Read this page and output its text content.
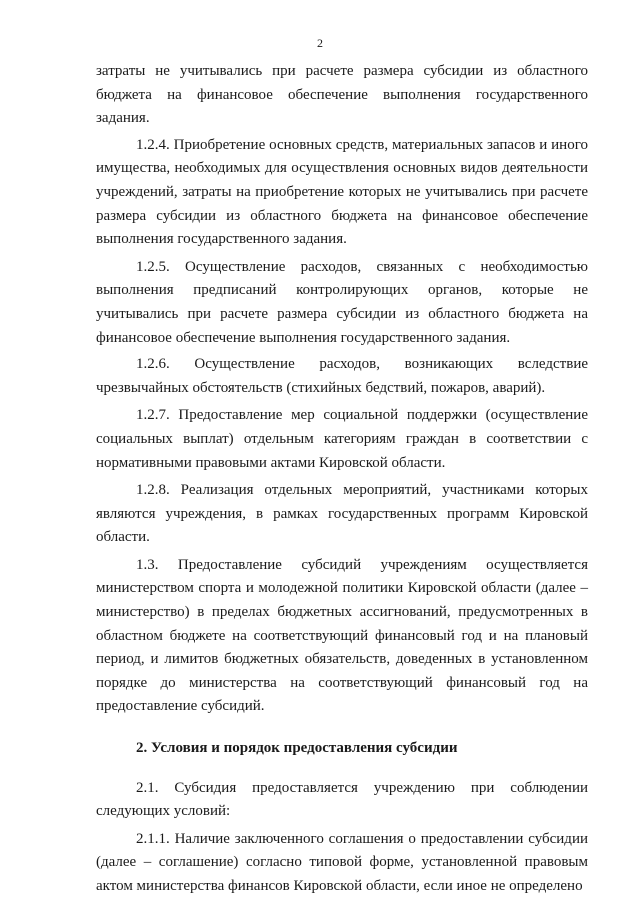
2

затраты не учитывались при расчете размера субсидии из областного бюджета на финансовое обеспечение выполнения государственного задания.

1.2.4. Приобретение основных средств, материальных запасов и иного имущества, необходимых для осуществления основных видов деятельности учреждений, затраты на приобретение которых не учитывались при расчете размера субсидии из областного бюджета на финансовое обеспечение выполнения государственного задания.

1.2.5. Осуществление расходов, связанных с необходимостью выполнения предписаний контролирующих органов, которые не учитывались при расчете размера субсидии из областного бюджета на финансовое обеспечение выполнения государственного задания.

1.2.6. Осуществление расходов, возникающих вследствие чрезвычайных обстоятельств (стихийных бедствий, пожаров, аварий).

1.2.7. Предоставление мер социальной поддержки (осуществление социальных выплат) отдельным категориям граждан в соответствии с нормативными правовыми актами Кировской области.

1.2.8. Реализация отдельных мероприятий, участниками которых являются учреждения, в рамках государственных программ Кировской области.

1.3. Предоставление субсидий учреждениям осуществляется министерством спорта и молодежной политики Кировской области (далее – министерство) в пределах бюджетных ассигнований, предусмотренных в областном бюджете на соответствующий финансовый год и на плановый период, и лимитов бюджетных обязательств, доведенных в установленном порядке до министерства на соответствующий финансовый год на предоставление субсидий.

2. Условия и порядок предоставления субсидии

2.1. Субсидия предоставляется учреждению при соблюдении следующих условий:

2.1.1. Наличие заключенного соглашения о предоставлении субсидии (далее – соглашение) согласно типовой форме, установленной правовым актом министерства финансов Кировской области, если иное не определено
